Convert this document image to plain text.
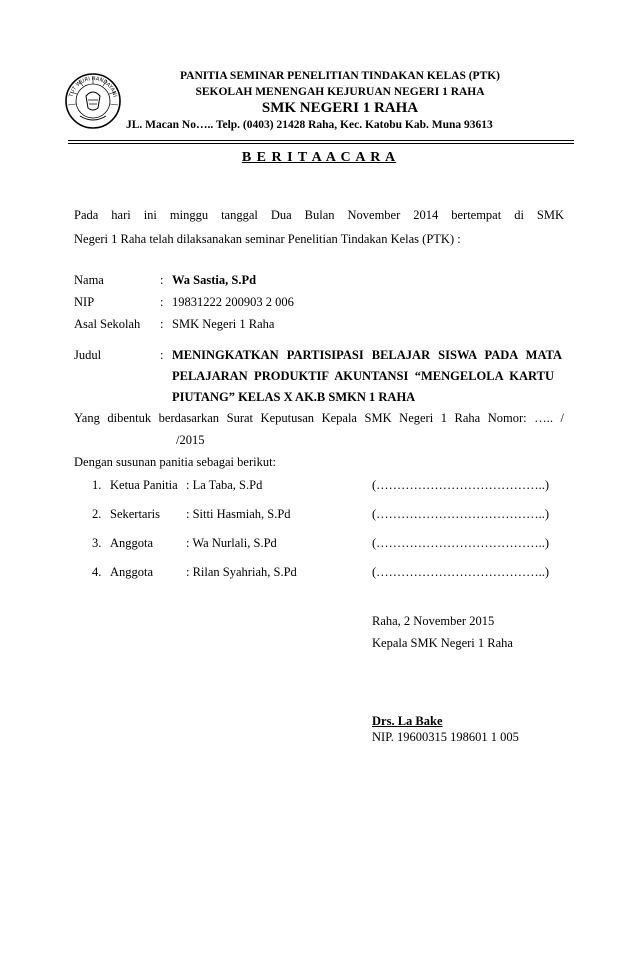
TUT WURI HANDAYANI
PANITIA SEMINAR PENELITIAN TINDAKAN KELAS (PTK)
SEKOLAH MENENGAH KEJURUAN NEGERI 1 RAHA
SMK NEGERI 1 RAHA
JL. Macan No….. Telp. (0403) 21428 Raha, Kec. Katobu Kab. Muna 93613
B E R I T A A C A R A
Pada hari ini minggu tanggal Dua Bulan November 2014 bertempat di SMK
Negeri 1 Raha telah dilaksanakan seminar Penelitian Tindakan Kelas (PTK) :
Nama	: Wa Sastia, S.Pd
NIP	: 19831222 200903 2 006
Asal Sekolah : SMK Negeri 1 Raha
Judul	: MENINGKATKAN PARTISIPASI BELAJAR SISWA PADA MATA
PELAJARAN PRODUKTIF AKUNTANSI “MENGELOLA KARTU
PIUTANG” KELAS X AK.B SMKN 1 RAHA
Yang dibentuk berdasarkan Surat Keputusan Kepala SMK Negeri 1 Raha Nomor: ….. /
/2015
Dengan susunan panitia sebagai berikut:
1. Ketua Panitia : La Taba, S.Pd	(…………………………………..)
2. Sekertaris : Sitti Hasmiah, S.Pd	(…………………………………..)
3. Anggota	: Wa Nurlali, S.Pd	(…………………………………..)
4. Anggota	: Rilan Syahriah, S.Pd	(…………………………………..)
Raha, 2 November 2015
Kepala SMK Negeri 1 Raha
Drs. La Bake
NIP. 19600315 198601 1 005
